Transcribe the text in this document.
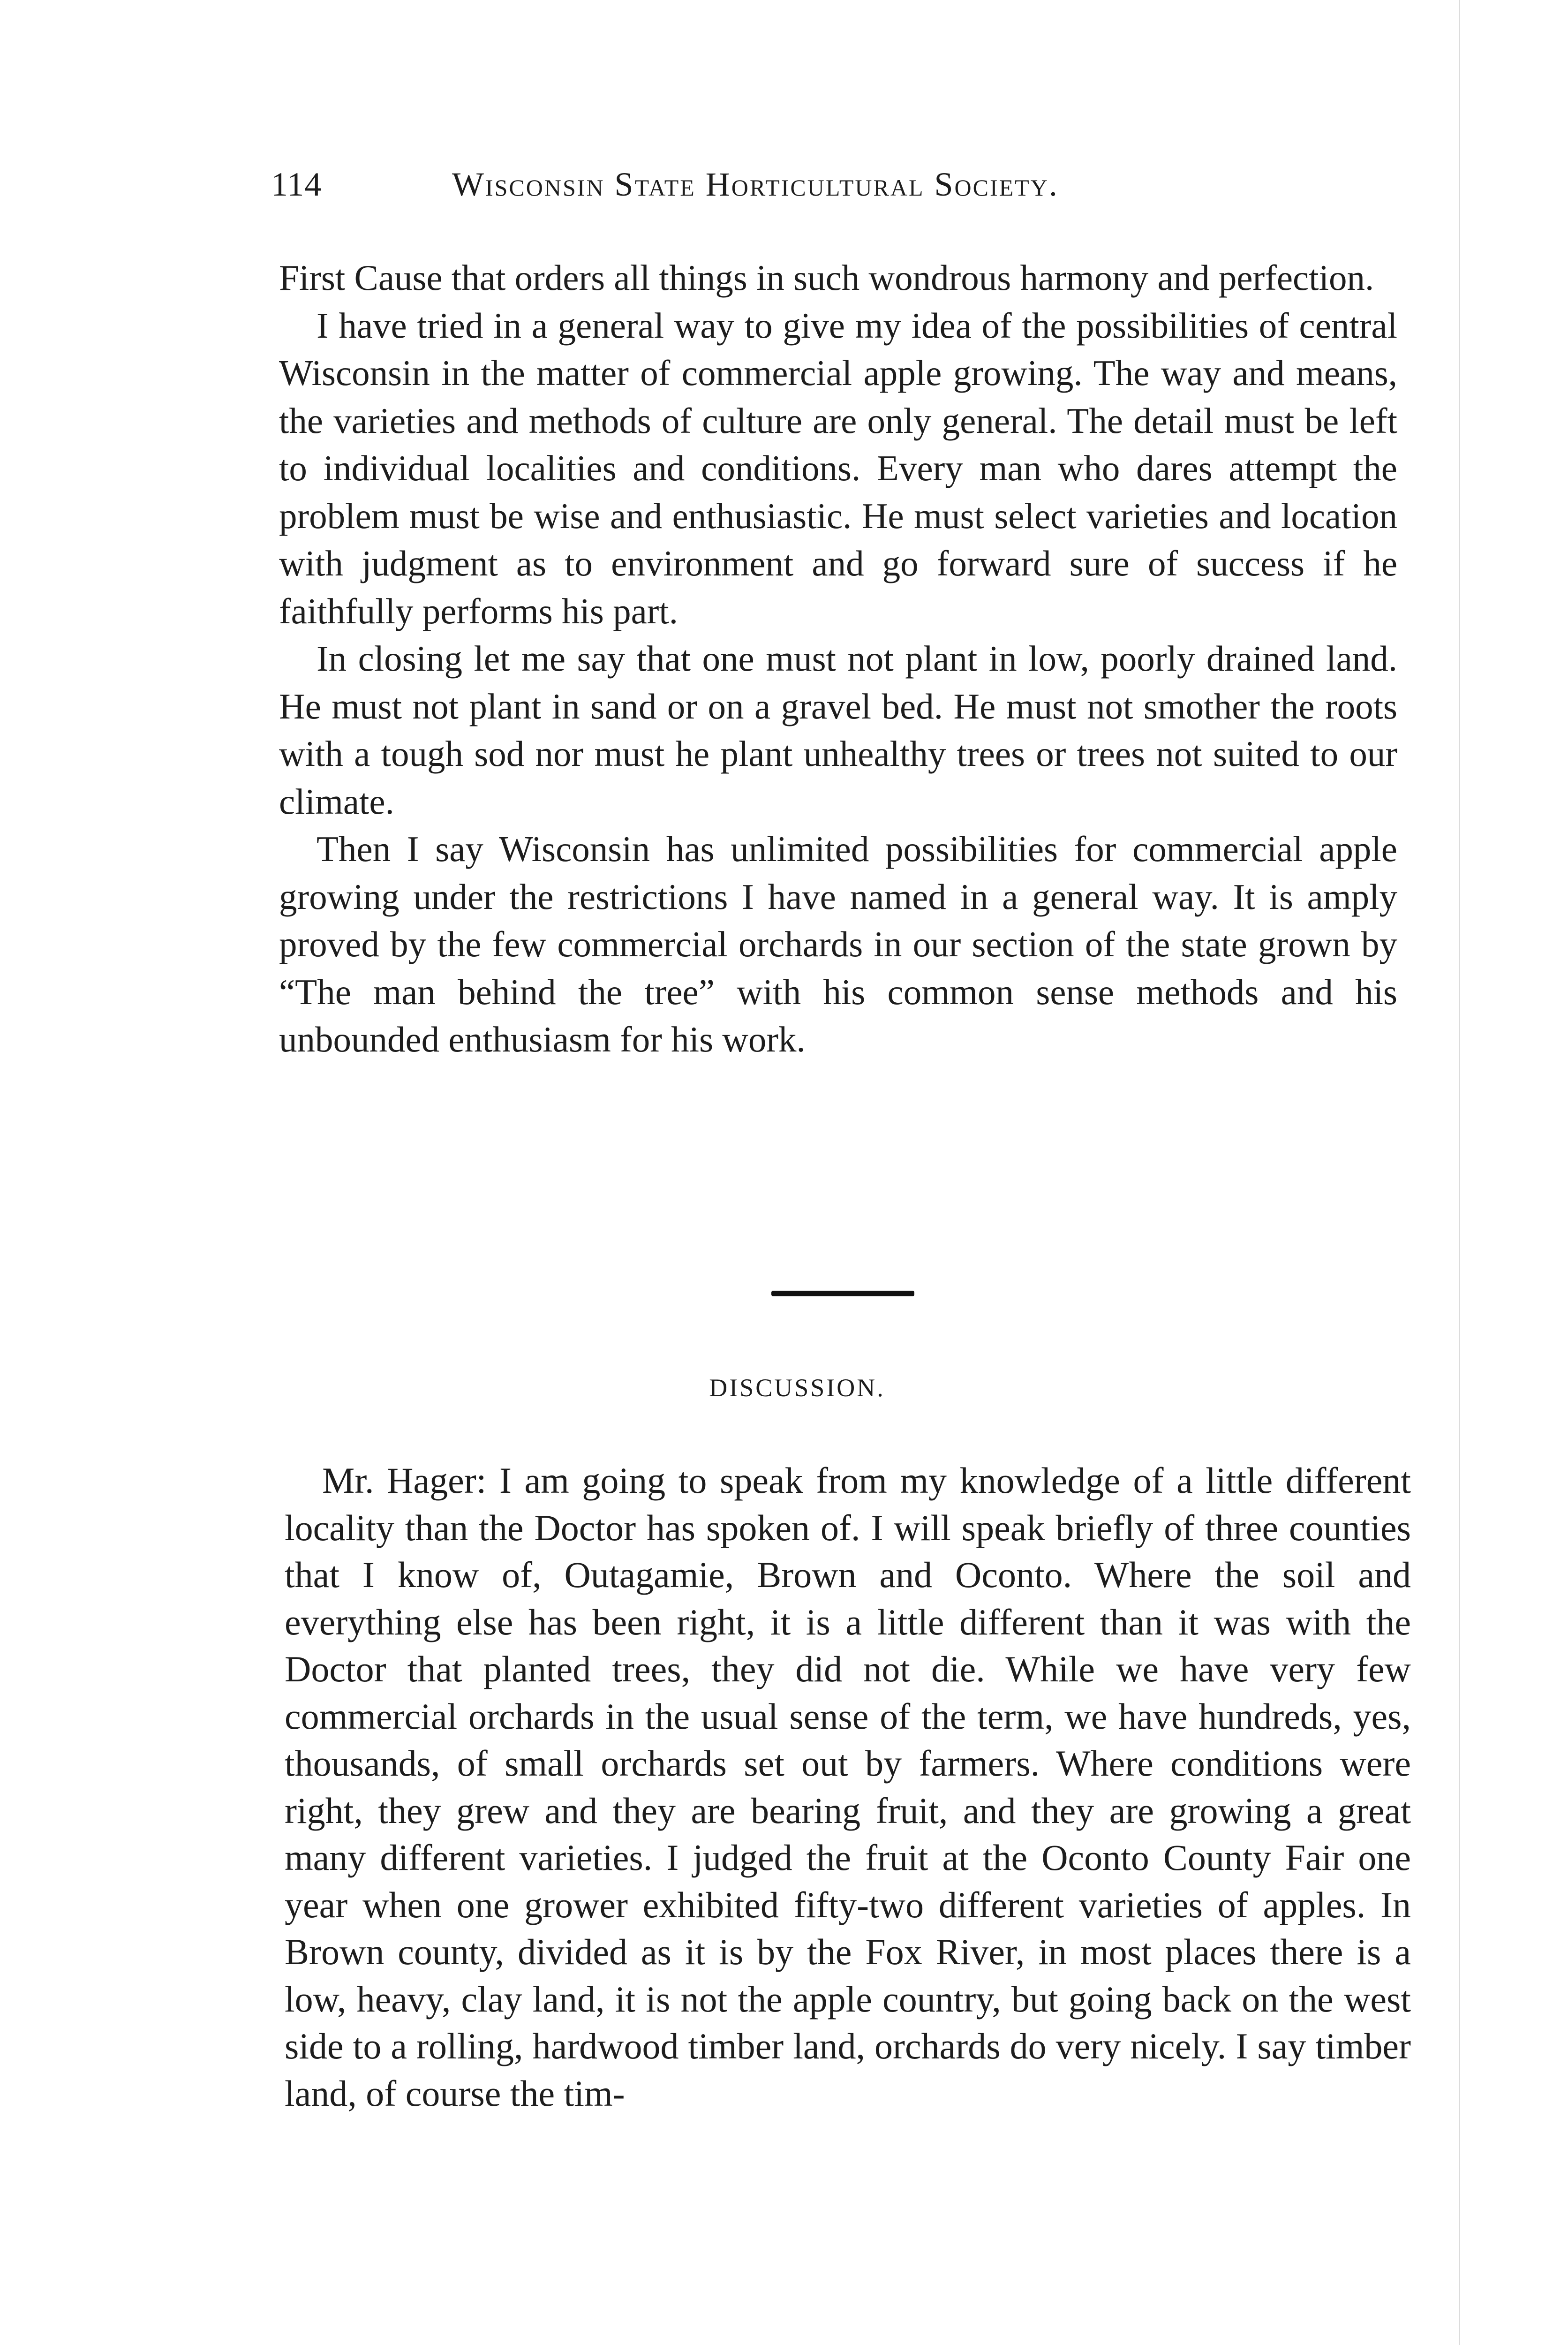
114	Wisconsin State Horticultural Society.

First Cause that orders all things in such wondrous harmony and perfection.

I have tried in a general way to give my idea of the possibilities of central Wisconsin in the matter of commercial apple growing. The way and means, the varieties and methods of culture are only general. The detail must be left to individual localities and conditions. Every man who dares attempt the problem must be wise and enthusiastic. He must select varieties and location with judgment as to environment and go forward sure of success if he faithfully performs his part.

In closing let me say that one must not plant in low, poorly drained land. He must not plant in sand or on a gravel bed. He must not smother the roots with a tough sod nor must he plant unhealthy trees or trees not suited to our climate.

Then I say Wisconsin has unlimited possibilities for commercial apple growing under the restrictions I have named in a general way. It is amply proved by the few commercial orchards in our section of the state grown by “The man behind the tree” with his common sense methods and his unbounded enthusiasm for his work.

DISCUSSION.

Mr. Hager: I am going to speak from my knowledge of a little different locality than the Doctor has spoken of. I will speak briefly of three counties that I know of, Outagamie, Brown and Oconto. Where the soil and everything else has been right, it is a little different than it was with the Doctor that planted trees, they did not die. While we have very few commercial orchards in the usual sense of the term, we have hundreds, yes, thousands, of small orchards set out by farmers. Where conditions were right, they grew and they are bearing fruit, and they are growing a great many different varieties. I judged the fruit at the Oconto County Fair one year when one grower exhibited fifty-two different varieties of apples. In Brown county, divided as it is by the Fox River, in most places there is a low, heavy, clay land, it is not the apple country, but going back on the west side to a rolling, hardwood timber land, orchards do very nicely. I say timber land, of course the tim-
